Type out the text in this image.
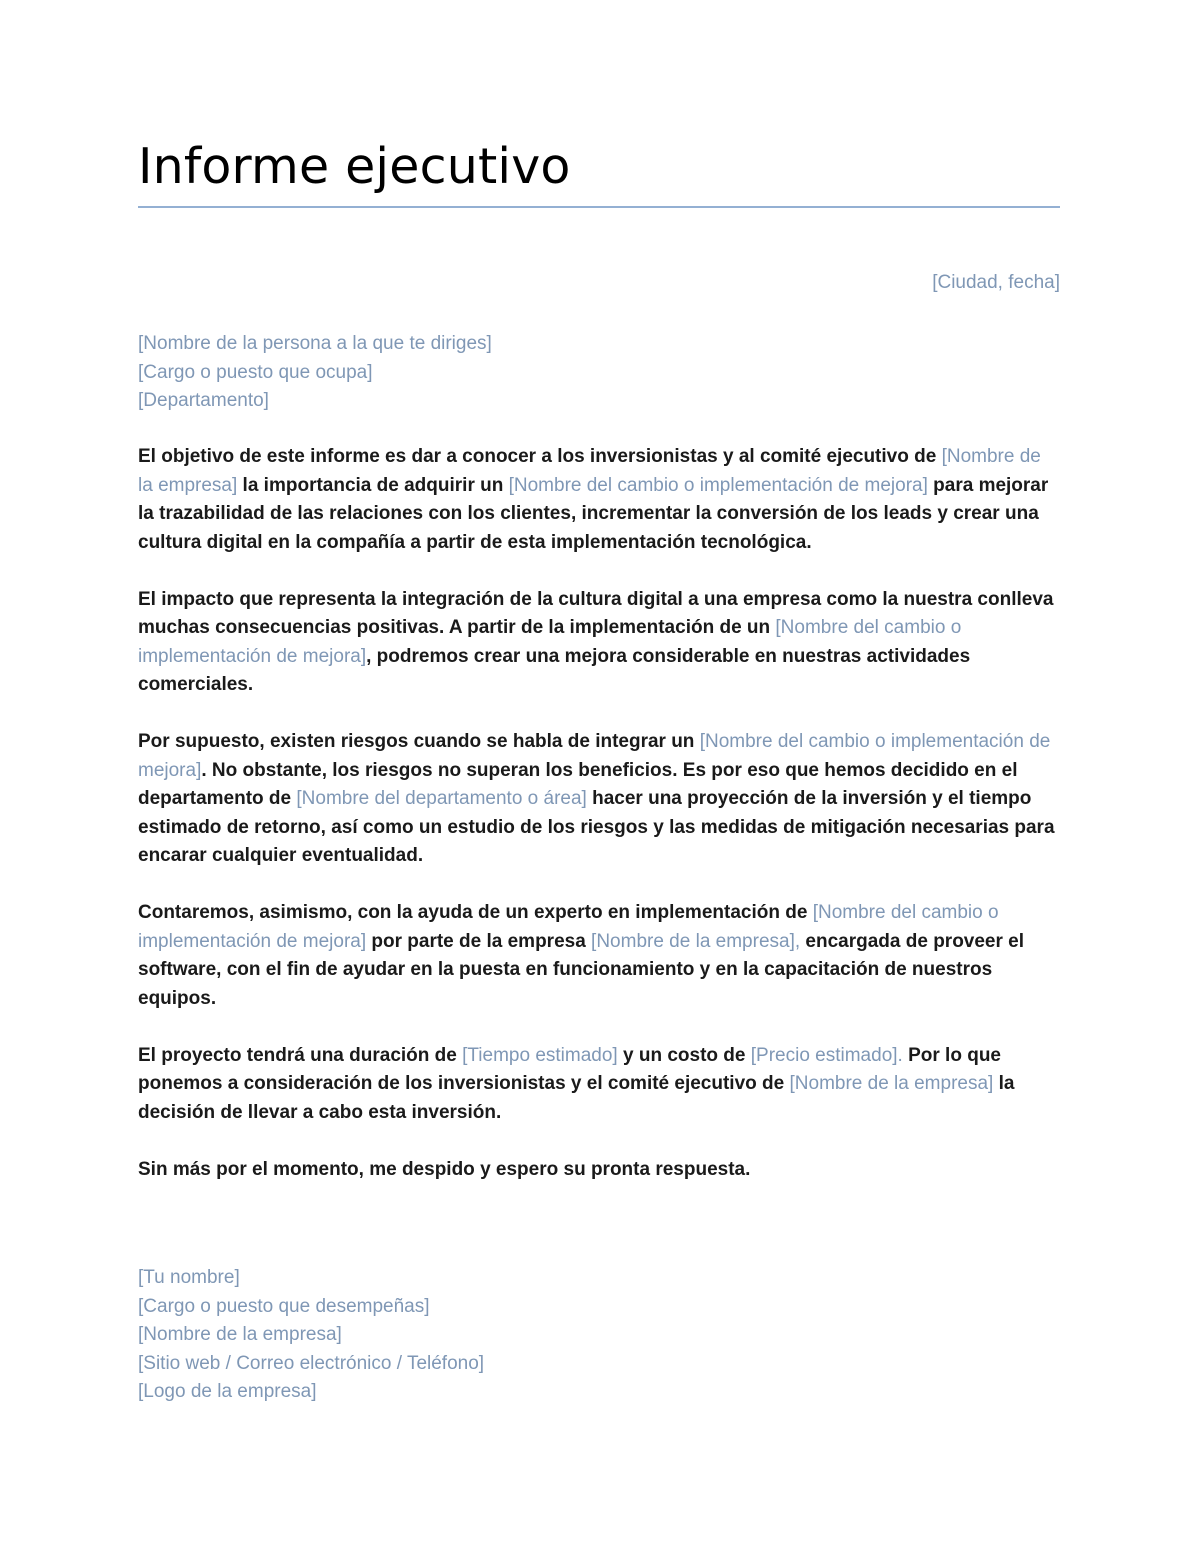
Informe ejecutivo
[Ciudad, fecha]
[Nombre de la persona a la que te diriges]
[Cargo o puesto que ocupa]
[Departamento]

El objetivo de este informe es dar a conocer a los inversionistas y al comité ejecutivo de [Nombre de la empresa] la importancia de adquirir un [Nombre del cambio o implementación de mejora] para mejorar la trazabilidad de las relaciones con los clientes, incrementar la conversión de los leads y crear una cultura digital en la compañía a partir de esta implementación tecnológica.

El impacto que representa la integración de la cultura digital a una empresa como la nuestra conlleva muchas consecuencias positivas. A partir de la implementación de un [Nombre del cambio o implementación de mejora], podremos crear una mejora considerable en nuestras actividades comerciales.

Por supuesto, existen riesgos cuando se habla de integrar un [Nombre del cambio o implementación de mejora]. No obstante, los riesgos no superan los beneficios. Es por eso que hemos decidido en el departamento de [Nombre del departamento o área] hacer una proyección de la inversión y el tiempo estimado de retorno, así como un estudio de los riesgos y las medidas de mitigación necesarias para encarar cualquier eventualidad.

Contaremos, asimismo, con la ayuda de un experto en implementación de [Nombre del cambio o implementación de mejora] por parte de la empresa [Nombre de la empresa], encargada de proveer el software, con el fin de ayudar en la puesta en funcionamiento y en la capacitación de nuestros equipos.

El proyecto tendrá una duración de [Tiempo estimado] y un costo de [Precio estimado]. Por lo que ponemos a consideración de los inversionistas y el comité ejecutivo de [Nombre de la empresa] la decisión de llevar a cabo esta inversión.

Sin más por el momento, me despido y espero su pronta respuesta.

[Tu nombre]
[Cargo o puesto que desempeñas]
[Nombre de la empresa]
[Sitio web / Correo electrónico / Teléfono]
[Logo de la empresa]
